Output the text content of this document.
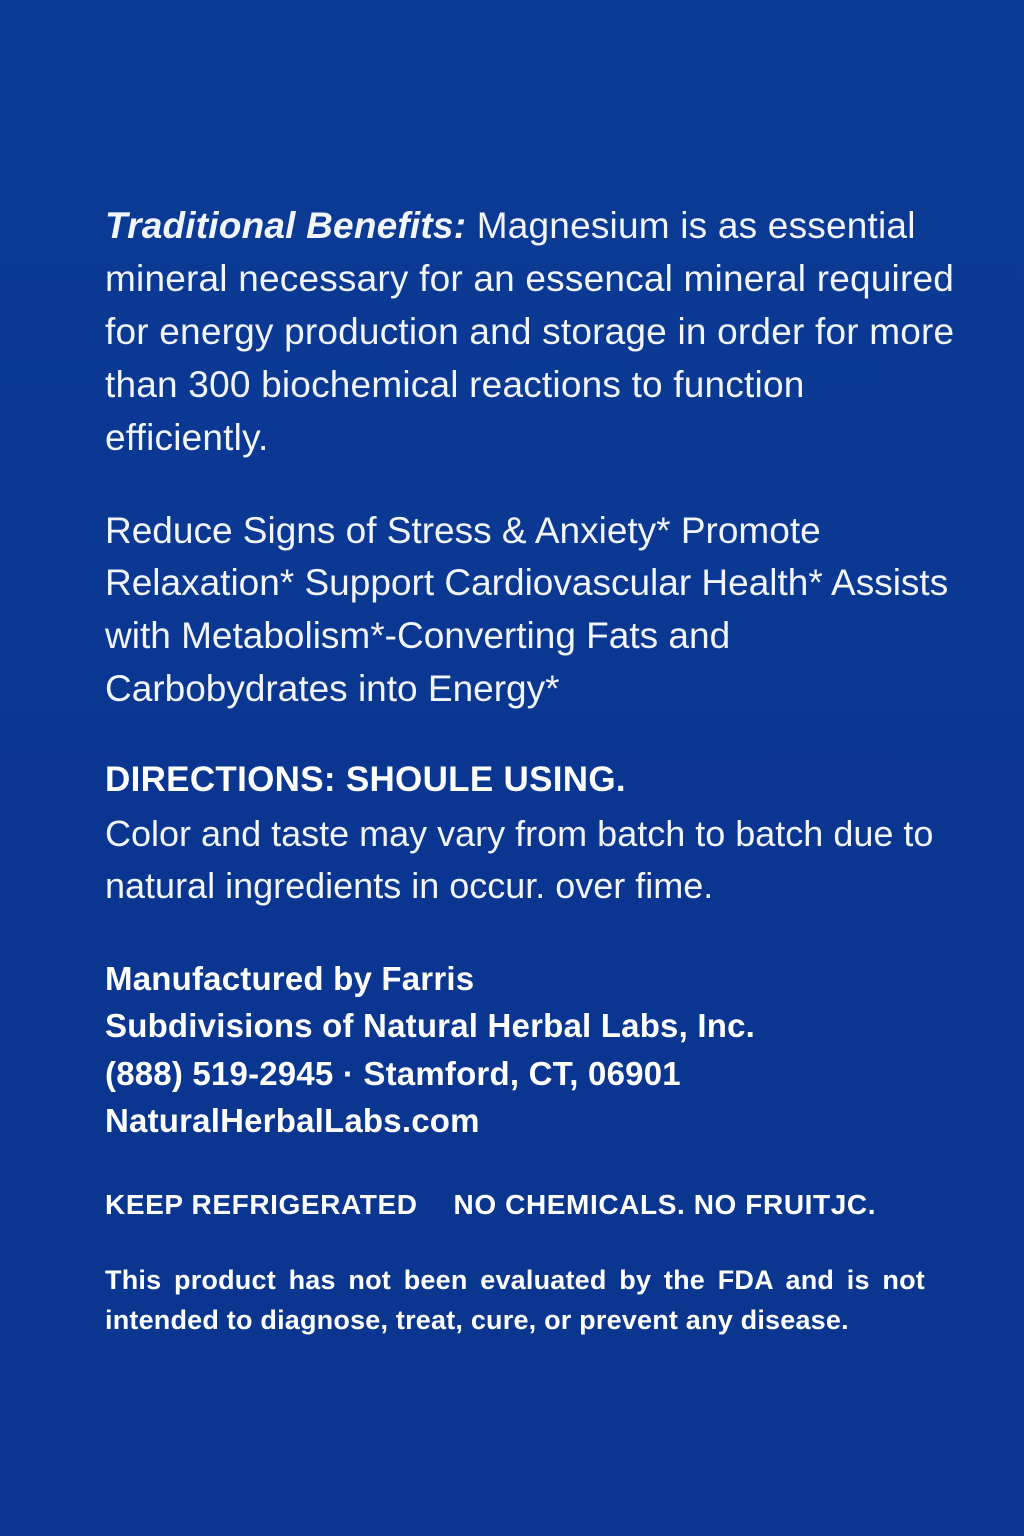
Traditional Benefits: Magnesium is as essential mineral necessary for an essencal mineral required for energy production and storage in order for more than 300 biochemical reactions to function efficiently.

Reduce Signs of Stress & Anxiety* Promote Relaxation* Support Cardiovascular Health* Assists with Metabolism*-Converting Fats and Carbobydrates into Energy*

DIRECTIONS: SHOULE USING.
Color and taste may vary from batch to batch due to natural ingredients in occur. over fime.
Manufactured by Farris
Subdivisions of Natural Herbal Labs, Inc.
(888) 519-2945 · Stamford, CT, 06901
NaturalHerbalLabs.com
KEEP REFRIGERATED NO CHEMICALS. NO FRUITJC.

This product has not been evaluated by the FDA and is not intended to diagnose, treat, cure, or prevent any disease.
